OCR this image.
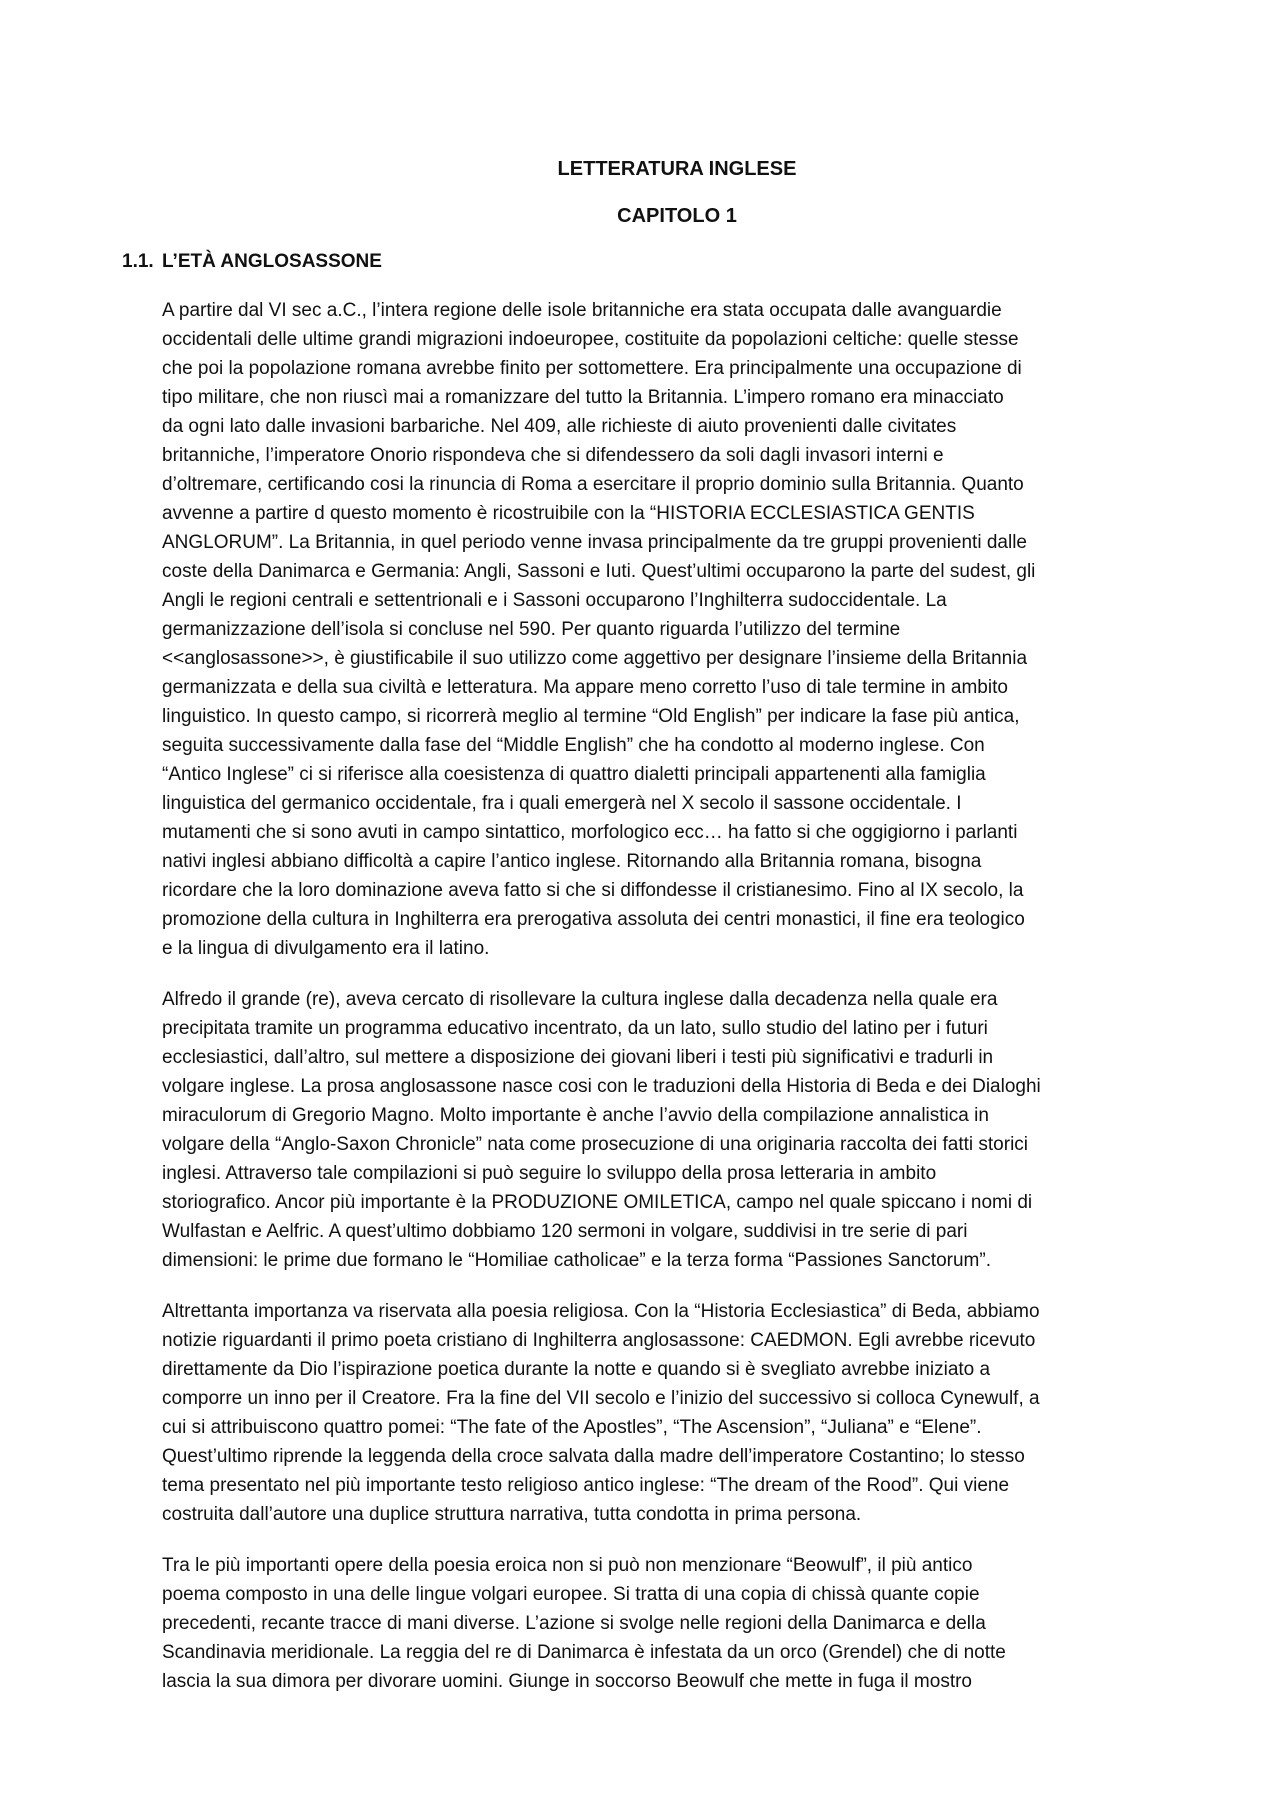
LETTERATURA INGLESE
CAPITOLO 1
1.1. L’ETÀ ANGLOSASSONE

A partire dal VI sec a.C., l’intera regione delle isole britanniche era stata occupata dalle avanguardie
occidentali delle ultime grandi migrazioni indoeuropee, costituite da popolazioni celtiche: quelle stesse
che poi la popolazione romana avrebbe finito per sottomettere. Era principalmente una occupazione di
tipo militare, che non riuscì mai a romanizzare del tutto la Britannia. L’impero romano era minacciato
da ogni lato dalle invasioni barbariche. Nel 409, alle richieste di aiuto provenienti dalle civitates
britanniche, l’imperatore Onorio rispondeva che si difendessero da soli dagli invasori interni e
d’oltremare, certificando cosi la rinuncia di Roma a esercitare il proprio dominio sulla Britannia. Quanto
avvenne a partire d questo momento è ricostruibile con la “HISTORIA ECCLESIASTICA GENTIS
ANGLORUM”. La Britannia, in quel periodo venne invasa principalmente da tre gruppi provenienti dalle
coste della Danimarca e Germania: Angli, Sassoni e Iuti. Quest’ultimi occuparono la parte del sudest, gli
Angli le regioni centrali e settentrionali e i Sassoni occuparono l’Inghilterra sudoccidentale. La
germanizzazione dell’isola si concluse nel 590. Per quanto riguarda l’utilizzo del termine
<<anglosassone>>, è giustificabile il suo utilizzo come aggettivo per designare l’insieme della Britannia
germanizzata e della sua civiltà e letteratura. Ma appare meno corretto l’uso di tale termine in ambito
linguistico. In questo campo, si ricorrerà meglio al termine “Old English” per indicare la fase più antica,
seguita successivamente dalla fase del “Middle English” che ha condotto al moderno inglese. Con
“Antico Inglese” ci si riferisce alla coesistenza di quattro dialetti principali appartenenti alla famiglia
linguistica del germanico occidentale, fra i quali emergerà nel X secolo il sassone occidentale. I
mutamenti che si sono avuti in campo sintattico, morfologico ecc… ha fatto si che oggigiorno i parlanti
nativi inglesi abbiano difficoltà a capire l’antico inglese. Ritornando alla Britannia romana, bisogna
ricordare che la loro dominazione aveva fatto si che si diffondesse il cristianesimo. Fino al IX secolo, la
promozione della cultura in Inghilterra era prerogativa assoluta dei centri monastici, il fine era teologico
e la lingua di divulgamento era il latino.

Alfredo il grande (re), aveva cercato di risollevare la cultura inglese dalla decadenza nella quale era
precipitata tramite un programma educativo incentrato, da un lato, sullo studio del latino per i futuri
ecclesiastici, dall’altro, sul mettere a disposizione dei giovani liberi i testi più significativi e tradurli in
volgare inglese. La prosa anglosassone nasce cosi con le traduzioni della Historia di Beda e dei Dialoghi
miraculorum di Gregorio Magno. Molto importante è anche l’avvio della compilazione annalistica in
volgare della “Anglo-Saxon Chronicle” nata come prosecuzione di una originaria raccolta dei fatti storici
inglesi. Attraverso tale compilazioni si può seguire lo sviluppo della prosa letteraria in ambito
storiografico. Ancor più importante è la PRODUZIONE OMILETICA, campo nel quale spiccano i nomi di
Wulfastan e Aelfric. A quest’ultimo dobbiamo 120 sermoni in volgare, suddivisi in tre serie di pari
dimensioni: le prime due formano le “Homiliae catholicae” e la terza forma “Passiones Sanctorum”.

Altrettanta importanza va riservata alla poesia religiosa. Con la “Historia Ecclesiastica” di Beda, abbiamo
notizie riguardanti il primo poeta cristiano di Inghilterra anglosassone: CAEDMON. Egli avrebbe ricevuto
direttamente da Dio l’ispirazione poetica durante la notte e quando si è svegliato avrebbe iniziato a
comporre un inno per il Creatore. Fra la fine del VII secolo e l’inizio del successivo si colloca Cynewulf, a
cui si attribuiscono quattro pomei: “The fate of the Apostles”, “The Ascension”, “Juliana” e “Elene”.
Quest’ultimo riprende la leggenda della croce salvata dalla madre dell’imperatore Costantino; lo stesso
tema presentato nel più importante testo religioso antico inglese: “The dream of the Rood”. Qui viene
costruita dall’autore una duplice struttura narrativa, tutta condotta in prima persona.

Tra le più importanti opere della poesia eroica non si può non menzionare “Beowulf”, il più antico
poema composto in una delle lingue volgari europee. Si tratta di una copia di chissà quante copie
precedenti, recante tracce di mani diverse. L’azione si svolge nelle regioni della Danimarca e della
Scandinavia meridionale. La reggia del re di Danimarca è infestata da un orco (Grendel) che di notte
lascia la sua dimora per divorare uomini. Giunge in soccorso Beowulf che mette in fuga il mostro
